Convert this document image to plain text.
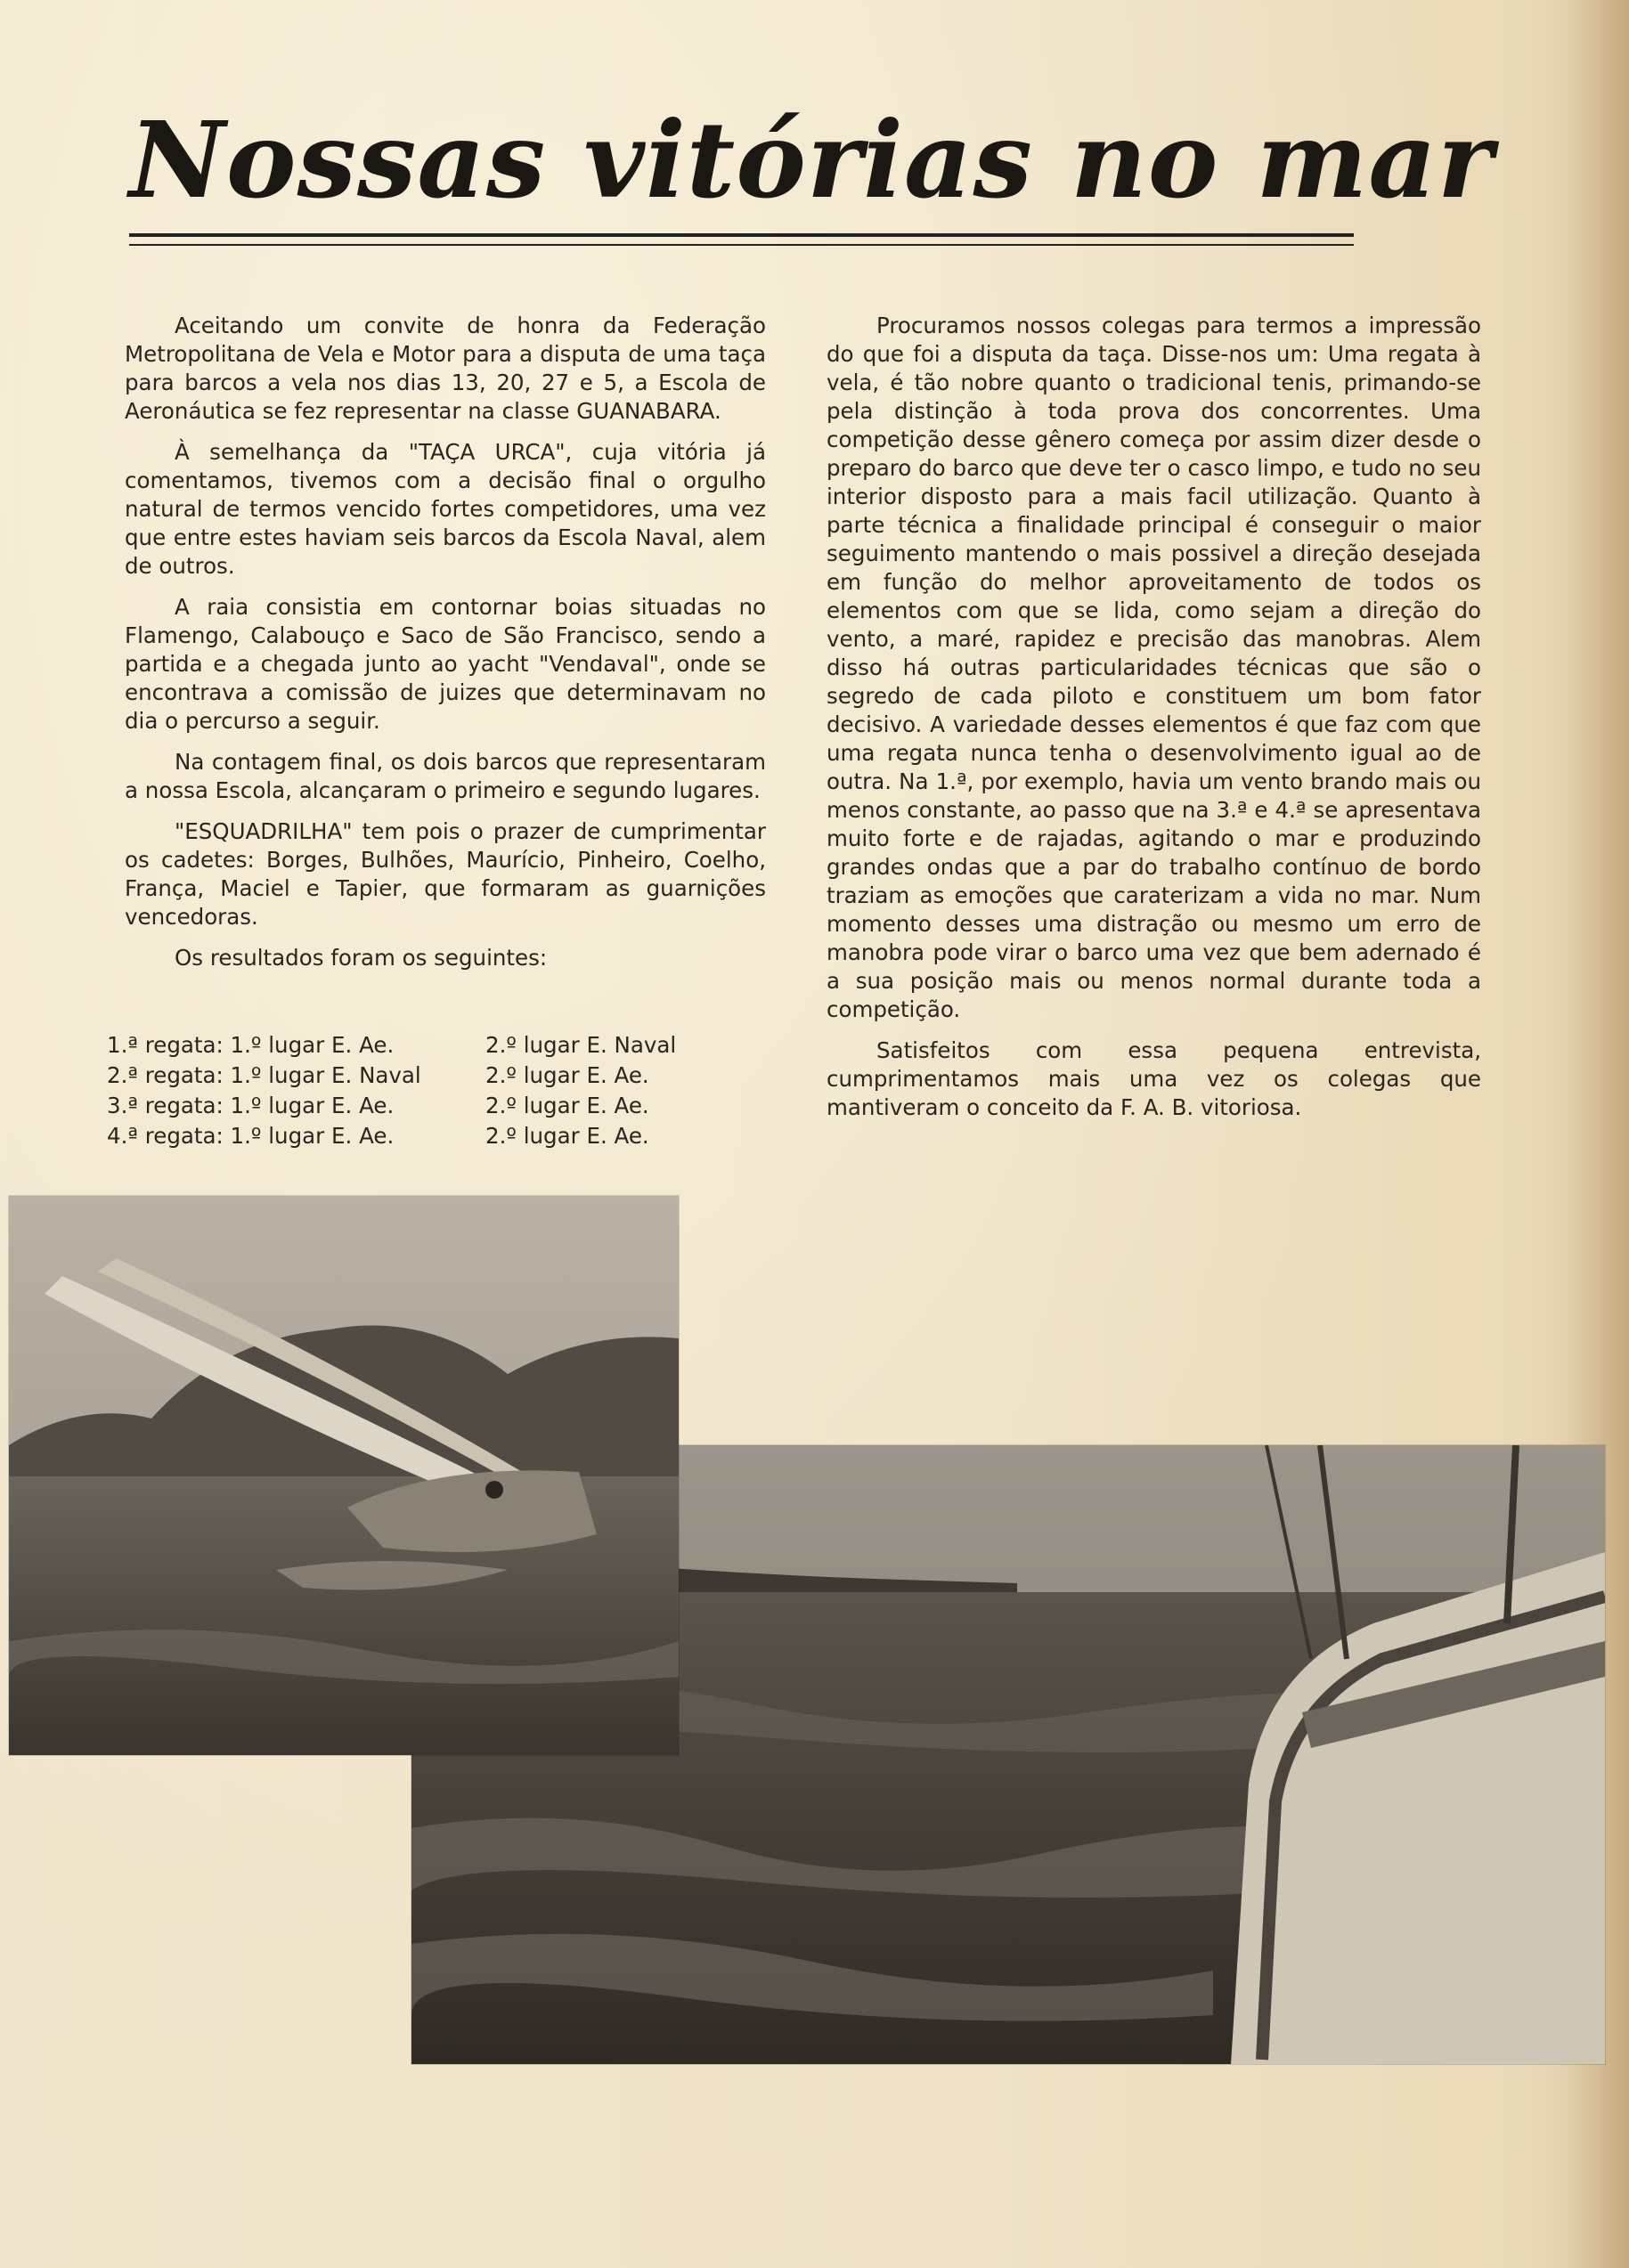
Nossas vitórias no mar

Aceitando um convite de honra da Federação Metropolitana de Vela e Motor para a disputa de uma taça para barcos a vela nos dias 13, 20, 27 e 5, a Escola de Aeronáutica se fez representar na classe GUANABARA.

À semelhança da "TAÇA URCA", cuja vitória já comentamos, tivemos com a decisão final o orgulho natural de termos vencido fortes competidores, uma vez que entre estes haviam seis barcos da Escola Naval, alem de outros.

A raia consistia em contornar boias situadas no Flamengo, Calabouço e Saco de São Francisco, sendo a partida e a chegada junto ao yacht "Vendaval", onde se encontrava a comissão de juizes que determinavam no dia o percurso a seguir.

Na contagem final, os dois barcos que representaram a nossa Escola, alcançaram o primeiro e segundo lugares.

"ESQUADRILHA" tem pois o prazer de cumprimentar os cadetes: Borges, Bulhões, Maurício, Pinheiro, Coelho, França, Maciel e Tapier, que formaram as guarnições vencedoras.

Os resultados foram os seguintes:

1.ª regata: 1.º lugar E. Ae.	2.º lugar E. Naval
2.ª regata: 1.º lugar E. Naval	2.º lugar E. Ae.
3.ª regata: 1.º lugar E. Ae.	2.º lugar E. Ae.
4.ª regata: 1.º lugar E. Ae.	2.º lugar E. Ae.

Procuramos nossos colegas para termos a impressão do que foi a disputa da taça. Disse-nos um: Uma regata à vela, é tão nobre quanto o tradicional tenis, primando-se pela distinção à toda prova dos concorrentes. Uma competição desse gênero começa por assim dizer desde o preparo do barco que deve ter o casco limpo, e tudo no seu interior disposto para a mais facil utilização. Quanto à parte técnica a finalidade principal é conseguir o maior seguimento mantendo o mais possivel a direção desejada em função do melhor aproveitamento de todos os elementos com que se lida, como sejam a direção do vento, a maré, rapidez e precisão das manobras. Alem disso há outras particularidades técnicas que são o segredo de cada piloto e constituem um bom fator decisivo. A variedade desses elementos é que faz com que uma regata nunca tenha o desenvolvimento igual ao de outra. Na 1.ª, por exemplo, havia um vento brando mais ou menos constante, ao passo que na 3.ª e 4.ª se apresentava muito forte e de rajadas, agitando o mar e produzindo grandes ondas que a par do trabalho contínuo de bordo traziam as emoções que caraterizam a vida no mar. Num momento desses uma distração ou mesmo um erro de manobra pode virar o barco uma vez que bem adernado é a sua posição mais ou menos normal durante toda a competição.

Satisfeitos com essa pequena entrevista, cumprimentamos mais uma vez os colegas que mantiveram o conceito da F. A. B. vitoriosa.
